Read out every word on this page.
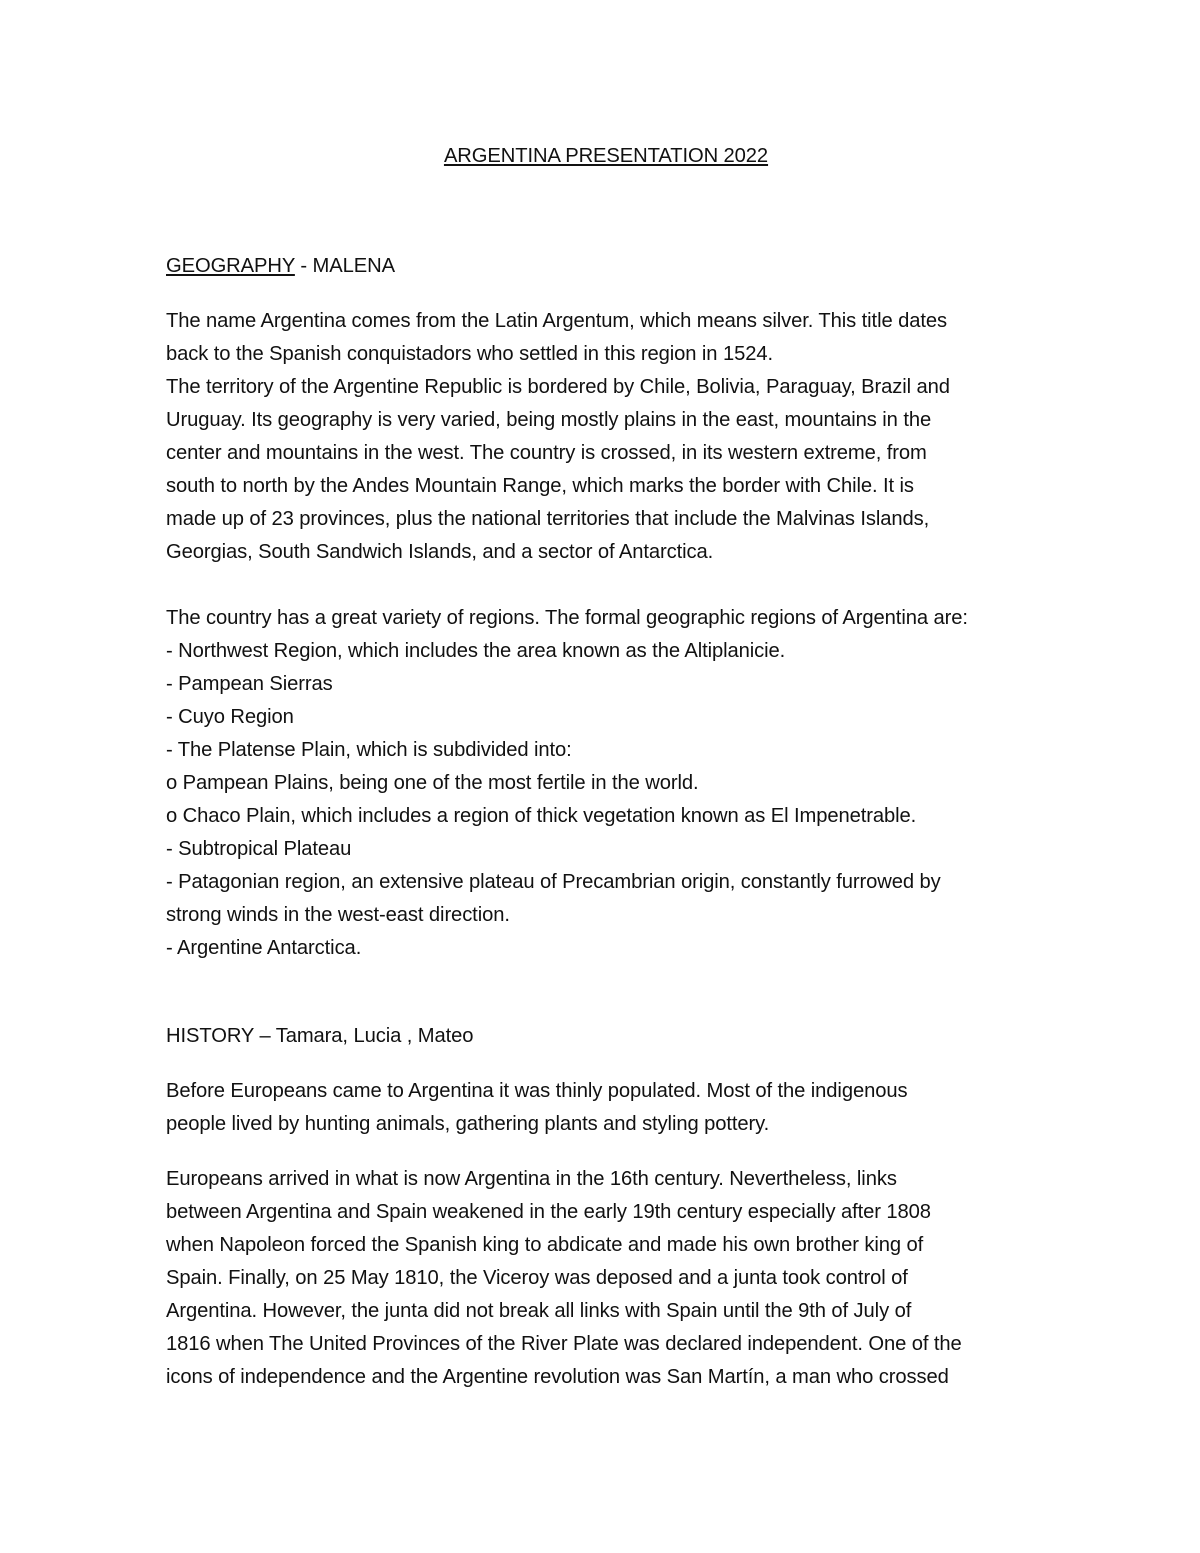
ARGENTINA PRESENTATION 2022

GEOGRAPHY - MALENA

The name Argentina comes from the Latin Argentum, which means silver. This title dates

back to the Spanish conquistadors who settled in this region in 1524.

The territory of the Argentine Republic is bordered by Chile, Bolivia, Paraguay, Brazil and

Uruguay. Its geography is very varied, being mostly plains in the east, mountains in the

center and mountains in the west. The country is crossed, in its western extreme, from

south to north by the Andes Mountain Range, which marks the border with Chile. It is

made up of 23 provinces, plus the national territories that include the Malvinas Islands,

Georgias, South Sandwich Islands, and a sector of Antarctica.

The country has a great variety of regions. The formal geographic regions of Argentina are:

- Northwest Region, which includes the area known as the Altiplanicie.

- Pampean Sierras

- Cuyo Region

- The Platense Plain, which is subdivided into:

o Pampean Plains, being one of the most fertile in the world.

o Chaco Plain, which includes a region of thick vegetation known as El Impenetrable.

- Subtropical Plateau

- Patagonian region, an extensive plateau of Precambrian origin, constantly furrowed by

strong winds in the west-east direction.

- Argentine Antarctica.

HISTORY – Tamara, Lucia , Mateo

Before Europeans came to Argentina it was thinly populated. Most of the indigenous

people lived by hunting animals, gathering plants and styling pottery.

Europeans arrived in what is now Argentina in the 16th century. Nevertheless, links

between Argentina and Spain weakened in the early 19th century especially after 1808

when Napoleon forced the Spanish king to abdicate and made his own brother king of

Spain. Finally, on 25 May 1810, the Viceroy was deposed and a junta took control of

Argentina. However, the junta did not break all links with Spain until the 9th of July of

1816 when The United Provinces of the River Plate was declared independent. One of the

icons of independence and the Argentine revolution was San Martín, a man who crossed
